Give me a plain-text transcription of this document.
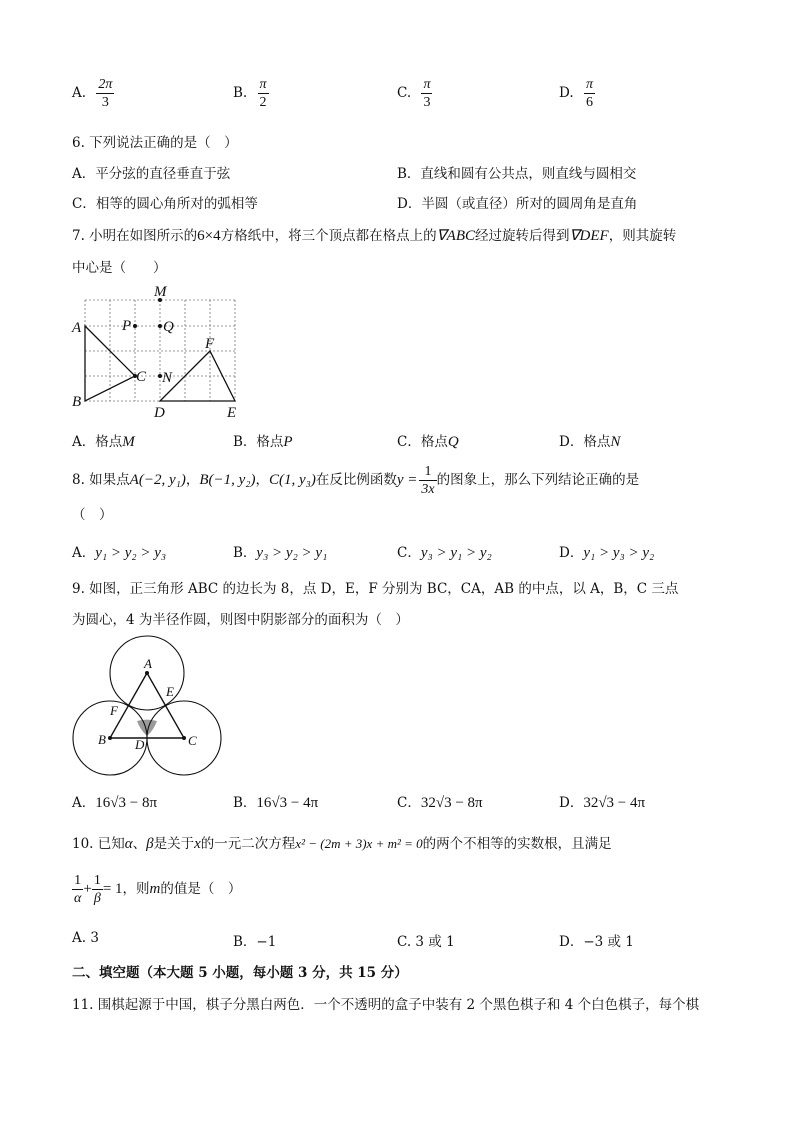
A. $\frac{2\pi}{3}$	B. $\frac{\pi}{2}$	C. $\frac{\pi}{3}$	D. $\frac{\pi}{6}$
6. 下列说法正确的是（　）
A．平分弦的直径垂直于弦	B．直线和圆有公共点，则直线与圆相交
C．相等的圆心角所对的弧相等	D．半圆（或直径）所对的圆周角是直角
7. 小明在如图所示的6×4方格纸中，将三个顶点都在格点上的∇ABC经过旋转后得到∇DEF，则其旋转
中心是（　　）
M
A	P Q
F
C N
B
D	E
A．格点M	B．格点P	C．格点Q	D．格点N
8. 如果点A(−2, y₁)，B(−1, y₂)，C(1, y₃)在反比例函数$y = \frac{1}{3x}$ 的图象上，那么下列结论正确的是
（　）
A．y₁ > y₂ > y₃	B．y₃ > y₂ > y₁	C．y₃ > y₁ > y₂	D．y₁ > y₃ > y₂
9. 如图，正三角形 ABC 的边长为 8，点 D，E，F 分别为 BC，CA，AB 的中点，以 A，B，C 三点
为圆心，4 为半径作圆，则图中阴影部分的面积为（　）
A
E
F
B D	C
A．16√3 − 8π	B．16√3 − 4π	C．32√3 − 8π	D．32√3 − 4π
10. 已知α、β是关于x的一元二次方程x² − (2m + 3)x + m² = 0的两个不相等的实数根，且满足
$\frac{1}{\alpha} + \frac{1}{\beta} = 1$，则m的值是（　）
A. 3	B．−1	C. 3 或 1	D．−3 或 1
二、填空题（本大题 5 小题，每小题 3 分，共 15 分）
11. 围棋起源于中国，棋子分黑白两色．一个不透明的盒子中装有 2 个黑色棋子和 4 个白色棋子，每个棋
